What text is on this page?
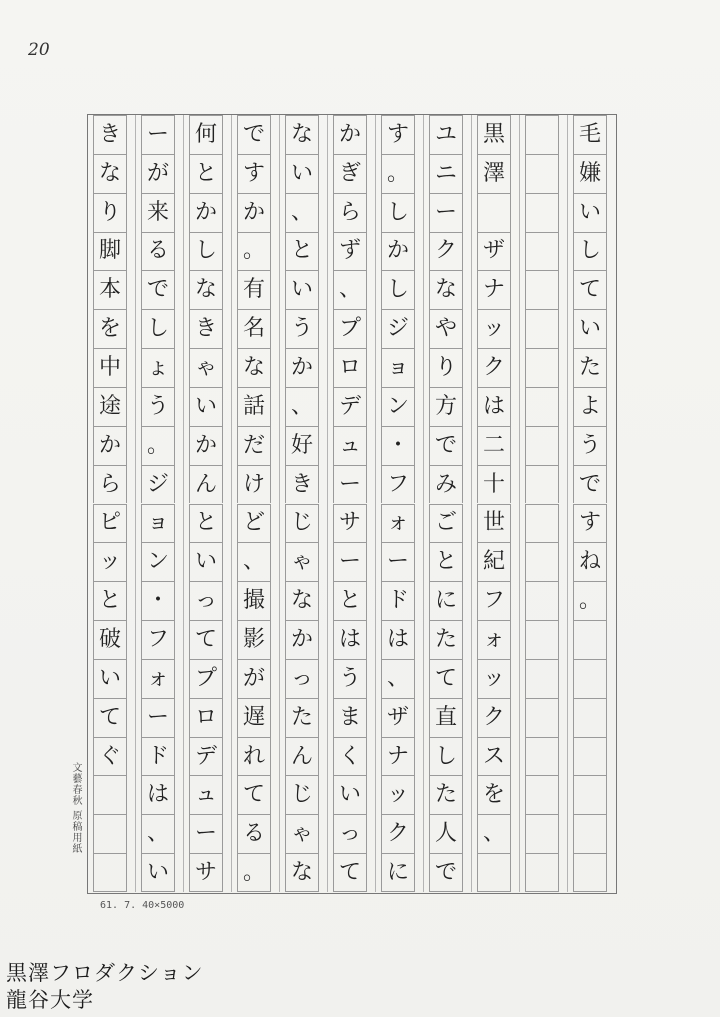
20
毛
嫌
い
し
て
い
た
よ
う
で
す
ね
。
黒
澤
ザ
ナ
ッ
ク
は
二
十
世
紀
フ
ォ
ッ
ク
ス
を
、
ユ
ニ
ー
ク
な
や
り
方
で
み
ご
と
に
た
て
直
し
た
人
で
す
。
し
か
し
ジ
ョ
ン
・
フ
ォ
ー
ド
は
、
ザ
ナ
ッ
ク
に
か
ぎ
ら
ず
、
プ
ロ
デ
ュ
ー
サ
ー
と
は
う
ま
く
い
っ
て
な
い
、
と
い
う
か
、
好
き
じ
ゃ
な
か
っ
た
ん
じ
ゃ
な
で
す
か
。
有
名
な
話
だ
け
ど
、
撮
影
が
遅
れ
て
る
。
何
と
か
し
な
き
ゃ
い
か
ん
と
い
っ
て
プ
ロ
デ
ュ
ー
サ
ー
が
来
る
で
し
ょ
う
。
ジ
ョ
ン
・
フ
ォ
ー
ド
は
、
い
き
な
り
脚
本
を
中
途
か
ら
ピ
ッ
と
破
い
て
ぐ
文藝春秋 原稿用紙
61. 7. 40×5000
黒澤フロダクション
龍谷大学
